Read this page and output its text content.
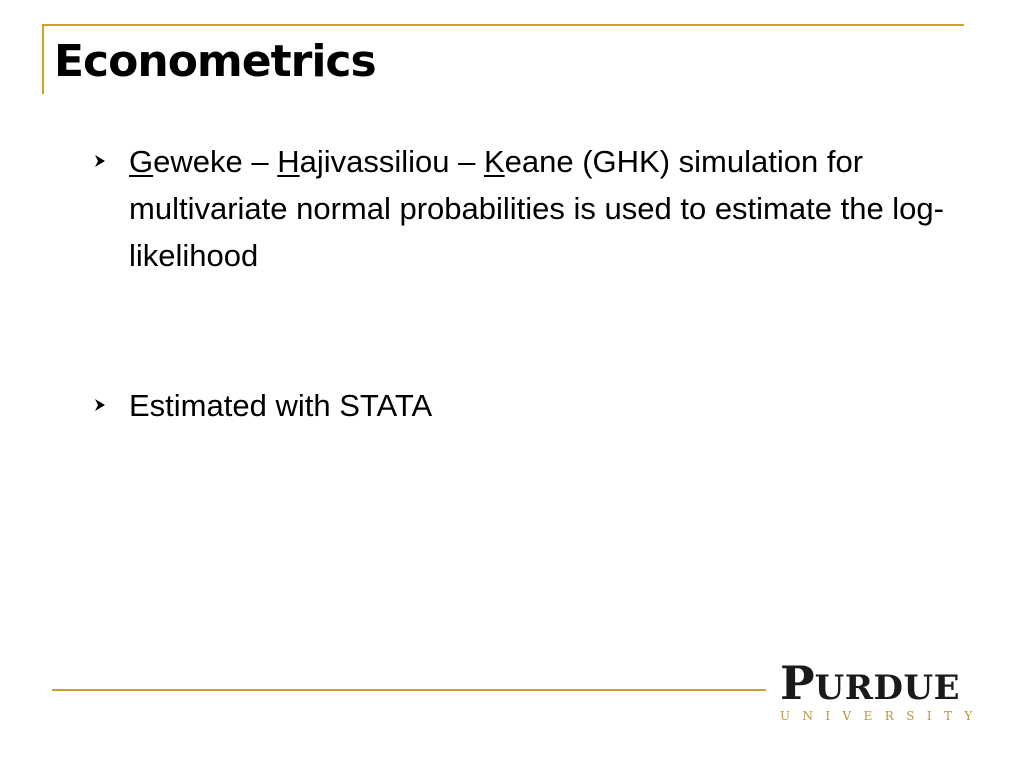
Econometrics
Geweke – Hajivassiliou – Keane (GHK) simulation for multivariate normal probabilities is used to estimate the log-likelihood
Estimated with STATA
PURDUE
UNIVERSITY
